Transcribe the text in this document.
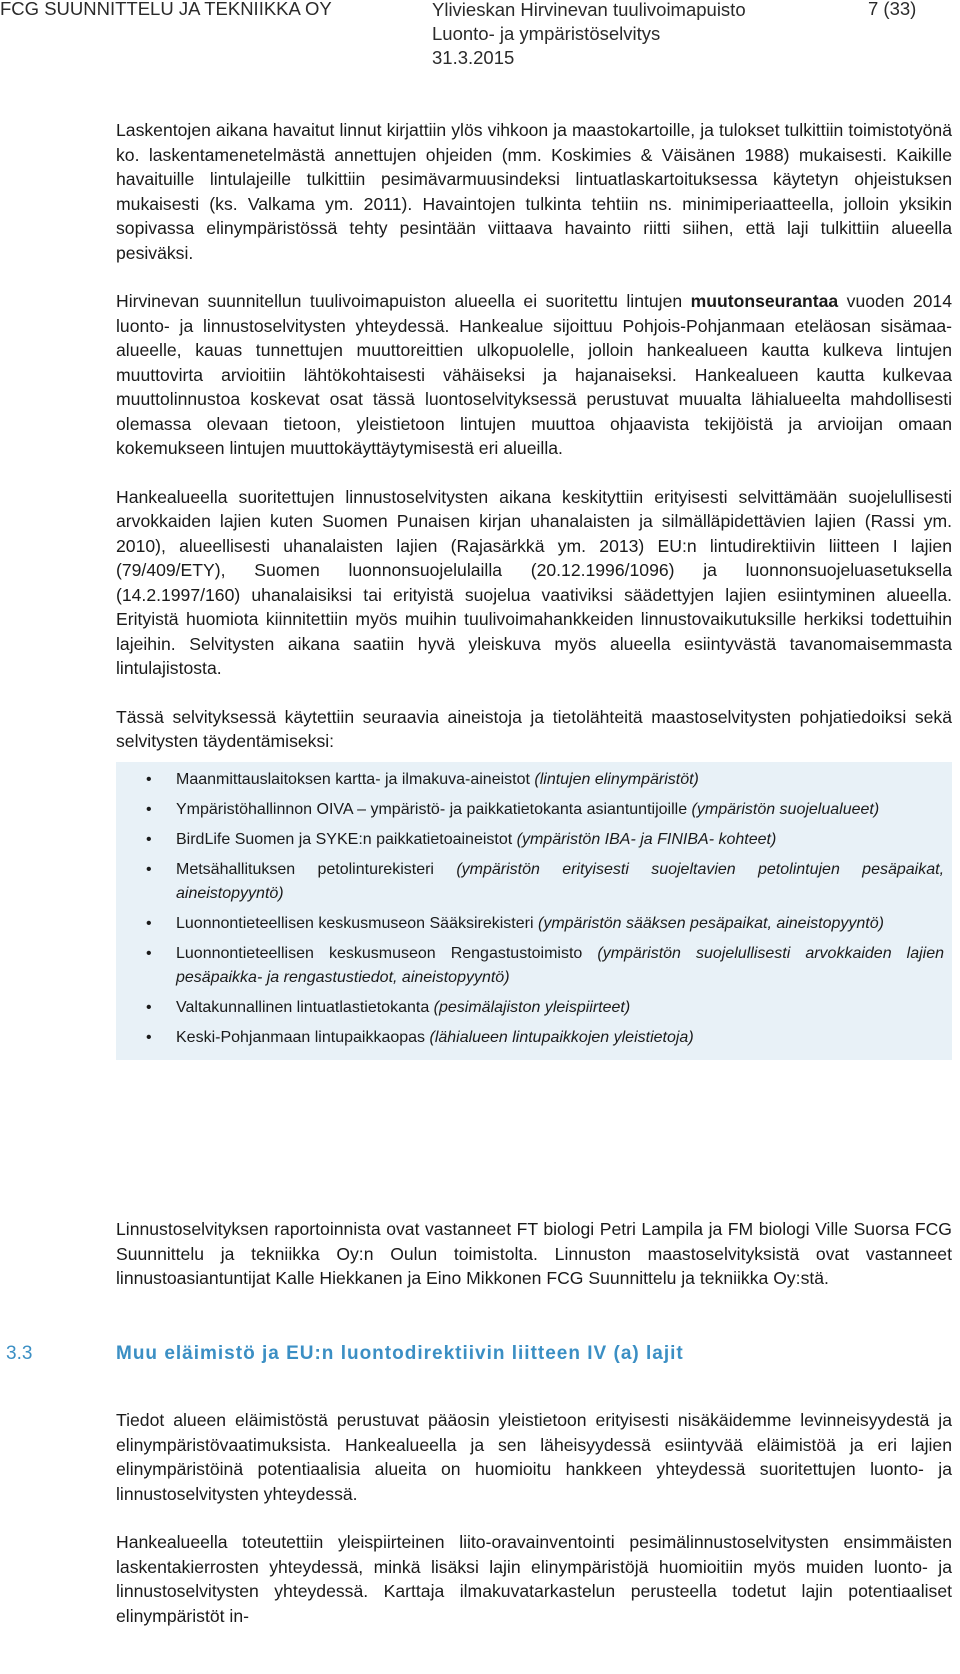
FCG SUUNNITTELU JA TEKNIIKKA OY	Ylivieskan Hirvinevan tuulivoimapuisto
Luonto- ja ympäristöselvitys
31.3.2015
7 (33)

Laskentojen aikana havaitut linnut kirjattiin ylös vihkoon ja maastokartoille, ja tulokset tulkittiin toimistotyönä ko. laskentamenetelmästä annettujen ohjeiden (mm. Koskimies & Väisänen 1988) mukaisesti. Kaikille havaituille lintulajeille tulkittiin pesimävarmuusindeksi lintuatlaskartoituksessa käytetyn ohjeistuksen mukaisesti (ks. Valkama ym. 2011). Havaintojen tulkinta tehtiin ns. minimiperiaatteella, jolloin yksikin sopivassa elinympäristössä tehty pesintään viittaava havainto riitti siihen, että laji tulkittiin alueella pesiväksi.

Hirvinevan suunnitellun tuulivoimapuiston alueella ei suoritettu lintujen muutonseurantaa vuoden 2014 luonto- ja linnustoselvitysten yhteydessä. Hankealue sijoittuu Pohjois-Pohjanmaan eteläosan sisämaa-alueelle, kauas tunnettujen muuttoreittien ulkopuolelle, jolloin hankealueen kautta kulkeva lintujen muuttovirta arvioitiin lähtökohtaisesti vähäiseksi ja hajanaiseksi. Hankealueen kautta kulkevaa muuttolinnustoa koskevat osat tässä luontoselvityksessä perustuvat muualta lähialueelta mahdollisesti olemassa olevaan tietoon, yleistietoon lintujen muuttoa ohjaavista tekijöistä ja arvioijan omaan kokemukseen lintujen muuttokäyttäytymisestä eri alueilla.

Hankealueella suoritettujen linnustoselvitysten aikana keskityttiin erityisesti selvittämään suojelullisesti arvokkaiden lajien kuten Suomen Punaisen kirjan uhanalaisten ja silmälläpidettävien lajien (Rassi ym. 2010), alueellisesti uhanalaisten lajien (Rajasärkkä ym. 2013) EU:n lintudirektiivin liitteen I lajien (79/409/ETY), Suomen luonnonsuojelulailla (20.12.1996/1096) ja luonnonsuojeluasetuksella (14.2.1997/160) uhanalaisiksi tai erityistä suojelua vaativiksi säädettyjen lajien esiintyminen alueella. Erityistä huomiota kiinnitettiin myös muihin tuulivoimahankkeiden linnustovaikutuksille herkiksi todettuihin lajeihin. Selvitysten aikana saatiin hyvä yleiskuva myös alueella esiintyvästä tavanomaisemmasta lintulajistosta.

Tässä selvityksessä käytettiin seuraavia aineistoja ja tietolähteitä maastoselvitysten pohjatiedoiksi sekä selvitysten täydentämiseksi:

• Maanmittauslaitoksen kartta- ja ilmakuva-aineistot (lintujen elinympäristöt)
• Ympäristöhallinnon OIVA – ympäristö- ja paikkatietokanta asiantuntijoille (ympäristön suojelualueet)
• BirdLife Suomen ja SYKE:n paikkatietoaineistot (ympäristön IBA- ja FINIBA- kohteet)
• Metsähallituksen petolinturekisteri (ympäristön erityisesti suojeltavien petolintujen pesäpaikat, aineistopyyntö)
• Luonnontieteellisen keskusmuseon Sääksirekisteri (ympäristön sääksen pesäpaikat, aineistopyyntö)
• Luonnontieteellisen keskusmuseon Rengastustoimisto (ympäristön suojelullisesti arvokkaiden lajien pesäpaikka- ja rengastustiedot, aineistopyyntö)
• Valtakunnallinen lintuatlastietokanta (pesimälajiston yleispiirteet)
• Keski-Pohjanmaan lintupaikkaopas (lähialueen lintupaikkojen yleistietoja)

Linnustoselvityksen raportoinnista ovat vastanneet FT biologi Petri Lampila ja FM biologi Ville Suorsa FCG Suunnittelu ja tekniikka Oy:n Oulun toimistolta. Linnuston maastoselvityksistä ovat vastanneet linnustoasiantuntijat Kalle Hiekkanen ja Eino Mikkonen FCG Suunnittelu ja tekniikka Oy:stä.

3.3	Muu eläimistö ja EU:n luontodirektiivin liitteen IV (a) lajit

Tiedot alueen eläimistöstä perustuvat pääosin yleistietoon erityisesti nisäkäidemme levinneisyydestä ja elinympäristövaatimuksista. Hankealueella ja sen läheisyydessä esiintyvää eläimistöä ja eri lajien elinympäristöinä potentiaalisia alueita on huomioitu hankkeen yhteydessä suoritettujen luonto- ja linnustoselvitysten yhteydessä.

Hankealueella toteutettiin yleispiirteinen liito-oravainventointi pesimälinnustoselvitysten ensimmäisten laskentakierrosten yhteydessä, minkä lisäksi lajin elinympäristöjä huomioitiin myös muiden luonto- ja linnustoselvitysten yhteydessä. Karttaja ilmakuvatarkastelun perusteella todetut lajin potentiaaliset elinympäristöt in-
